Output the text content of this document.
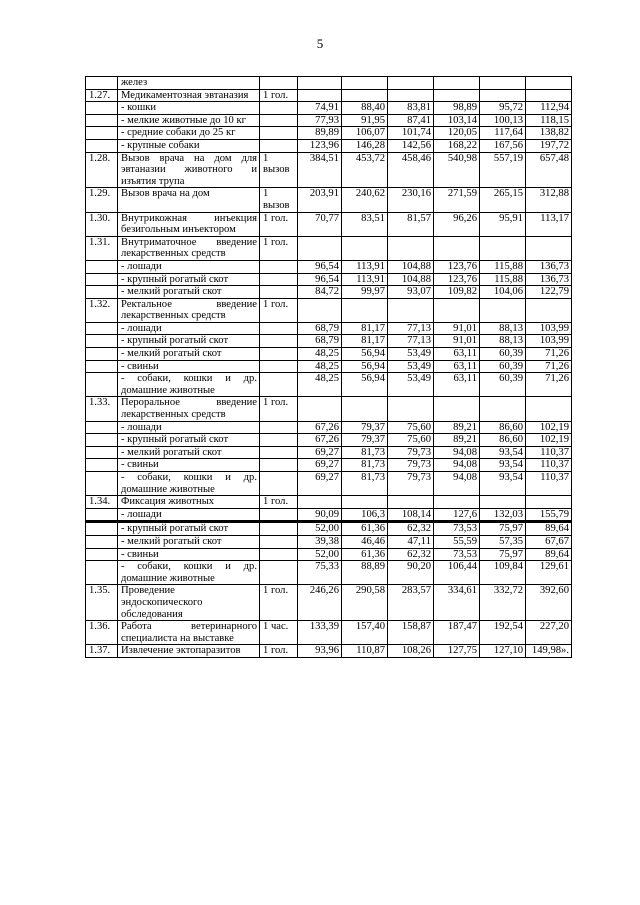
5
	желез							
1.27.	Медикаментозная эвтаназия	1 гол.						
	- кошки		74,91	88,40	83,81	98,89	95,72	112,94
	- мелкие животные до 10 кг		77,93	91,95	87,41	103,14	100,13	118,15
	- средние собаки до 25 кг		89,89	106,07	101,74	120,05	117,64	138,82
	- крупные собаки		123,96	146,28	142,56	168,22	167,56	197,72
1.28.	Вызов врача на дом для эвтаназии животного и изъятия трупа	1 вызов	384,51	453,72	458,46	540,98	557,19	657,48
1.29.	Вызов врача на дом	1 вызов	203,91	240,62	230,16	271,59	265,15	312,88
1.30.	Внутрикожная инъекция безигольным инъектором	1 гол.	70,77	83,51	81,57	96,26	95,91	113,17
1.31.	Внутриматочное введение лекарственных средств	1 гол.						
	- лошади		96,54	113,91	104,88	123,76	115,88	136,73
	- крупный рогатый скот		96,54	113,91	104,88	123,76	115,88	136,73
	- мелкий рогатый скот		84,72	99,97	93,07	109,82	104,06	122,79
1.32.	Ректальное введение лекарственных средств	1 гол.						
	- лошади		68,79	81,17	77,13	91,01	88,13	103,99
	- крупный рогатый скот		68,79	81,17	77,13	91,01	88,13	103,99
	- мелкий рогатый скот		48,25	56,94	53,49	63,11	60,39	71,26
	- свиньи		48,25	56,94	53,49	63,11	60,39	71,26
	- собаки, кошки и др. домашние животные		48,25	56,94	53,49	63,11	60,39	71,26
1.33.	Пероральное введение лекарственных средств	1 гол.						
	- лошади		67,26	79,37	75,60	89,21	86,60	102,19
	- крупный рогатый скот		67,26	79,37	75,60	89,21	86,60	102,19
	- мелкий рогатый скот		69,27	81,73	79,73	94,08	93,54	110,37
	- свиньи		69,27	81,73	79,73	94,08	93,54	110,37
	- собаки, кошки и др. домашние животные		69,27	81,73	79,73	94,08	93,54	110,37
1.34.	Фиксация животных	1 гол.						
	- лошади		90,09	106,3	108,14	127,6	132,03	155,79
	- крупный рогатый скот		52,00	61,36	62,32	73,53	75,97	89,64
	- мелкий рогатый скот		39,38	46,46	47,11	55,59	57,35	67,67
	- свиньи		52,00	61,36	62,32	73,53	75,97	89,64
	- собаки, кошки и др. домашние животные		75,33	88,89	90,20	106,44	109,84	129,61
1.35.	Проведение эндоскопического обследования	1 гол.	246,26	290,58	283,57	334,61	332,72	392,60
1.36.	Работа ветеринарного специалиста на выставке	1 час.	133,39	157,40	158,87	187,47	192,54	227,20
1.37.	Извлечение эктопаразитов	1 гол.	93,96	110,87	108,26	127,75	127,10	149,98».
